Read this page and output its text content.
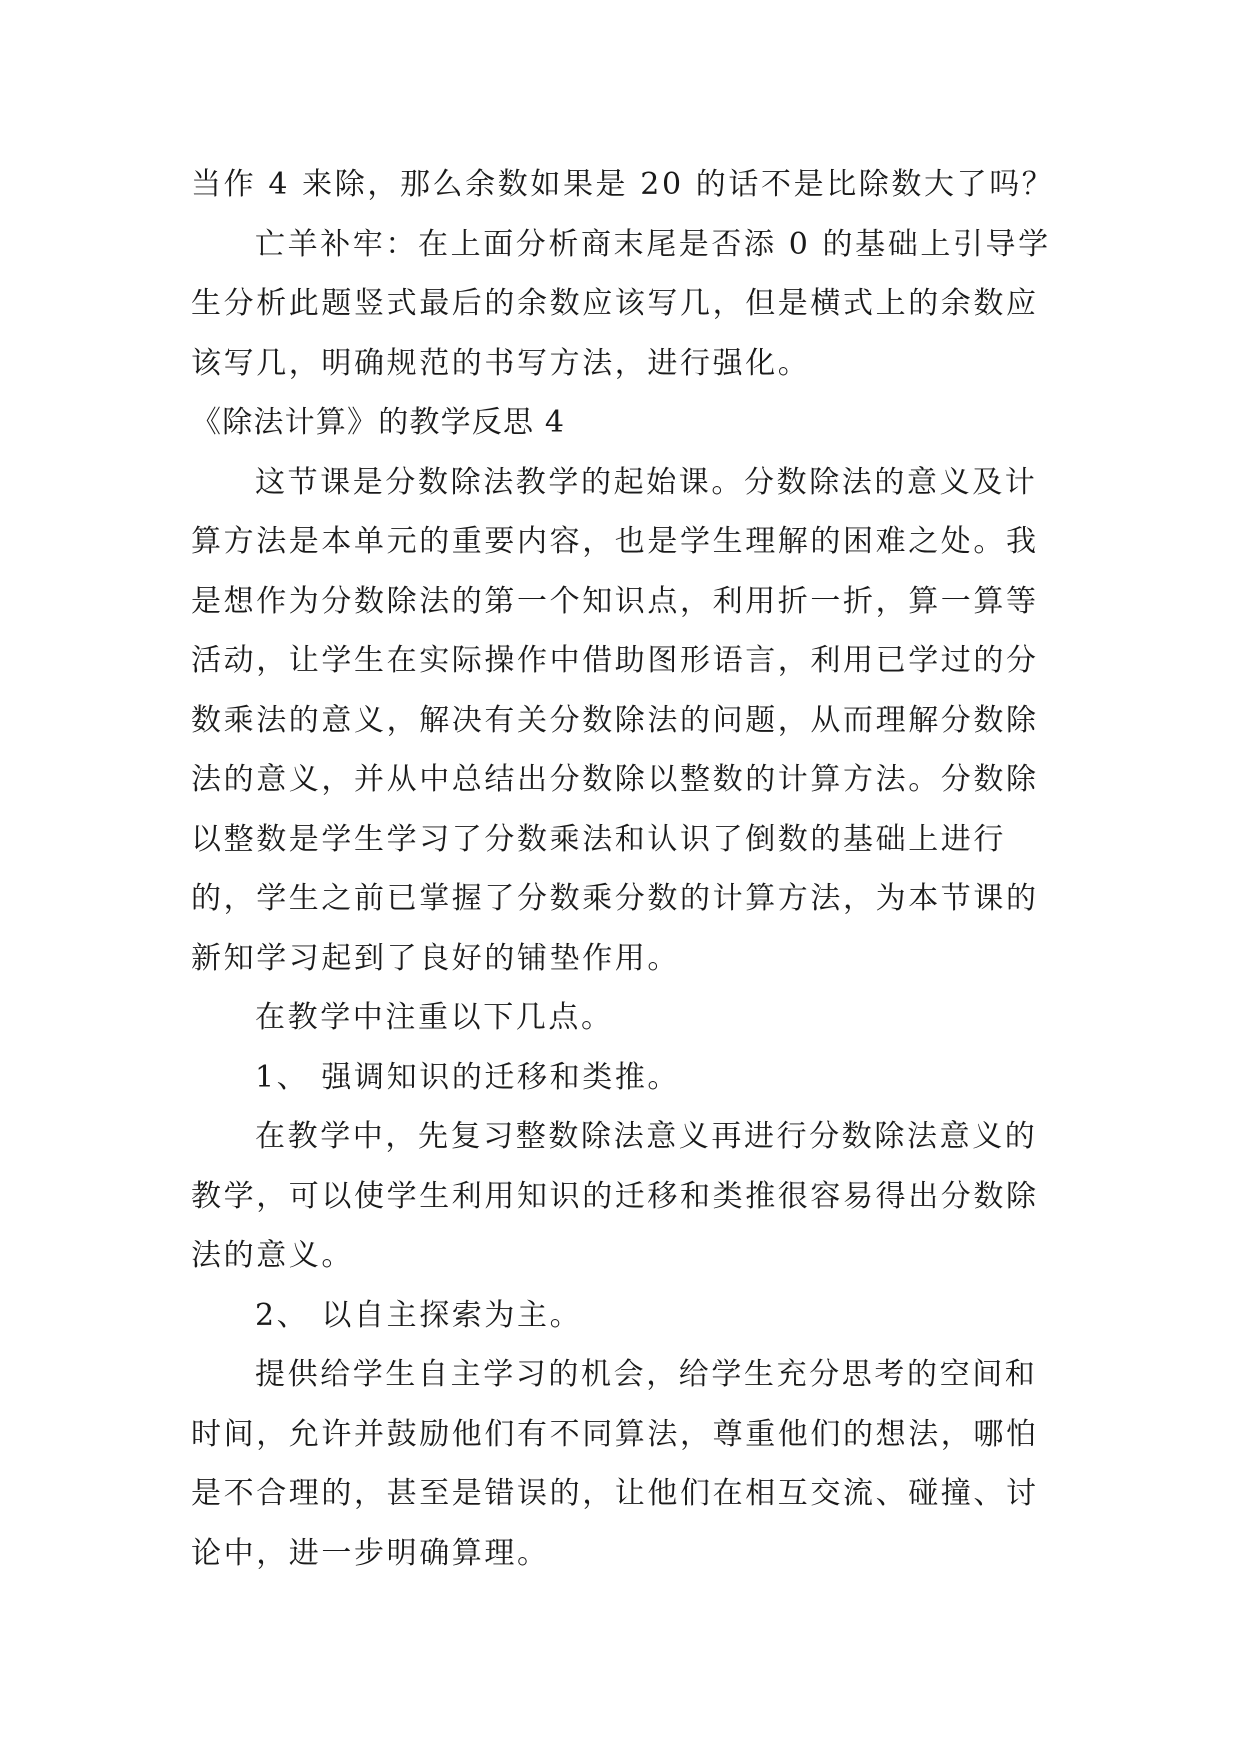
当作 4 来除，那么余数如果是 20 的话不是比除数大了吗？
亡羊补牢：在上面分析商末尾是否添 0 的基础上引导学
生分析此题竖式最后的余数应该写几，但是横式上的余数应
该写几，明确规范的书写方法，进行强化。
《除法计算》的教学反思 4
这节课是分数除法教学的起始课。分数除法的意义及计
算方法是本单元的重要内容，也是学生理解的困难之处。我
是想作为分数除法的第一个知识点，利用折一折，算一算等
活动，让学生在实际操作中借助图形语言，利用已学过的分
数乘法的意义，解决有关分数除法的问题，从而理解分数除
法的意义，并从中总结出分数除以整数的计算方法。分数除
以整数是学生学习了分数乘法和认识了倒数的基础上进行
的，学生之前已掌握了分数乘分数的计算方法，为本节课的
新知学习起到了良好的铺垫作用。
在教学中注重以下几点。
1、 强调知识的迁移和类推。
在教学中，先复习整数除法意义再进行分数除法意义的
教学，可以使学生利用知识的迁移和类推很容易得出分数除
法的意义。
2、 以自主探索为主。
提供给学生自主学习的机会，给学生充分思考的空间和
时间，允许并鼓励他们有不同算法，尊重他们的想法，哪怕
是不合理的，甚至是错误的，让他们在相互交流、碰撞、讨
论中，进一步明确算理。
